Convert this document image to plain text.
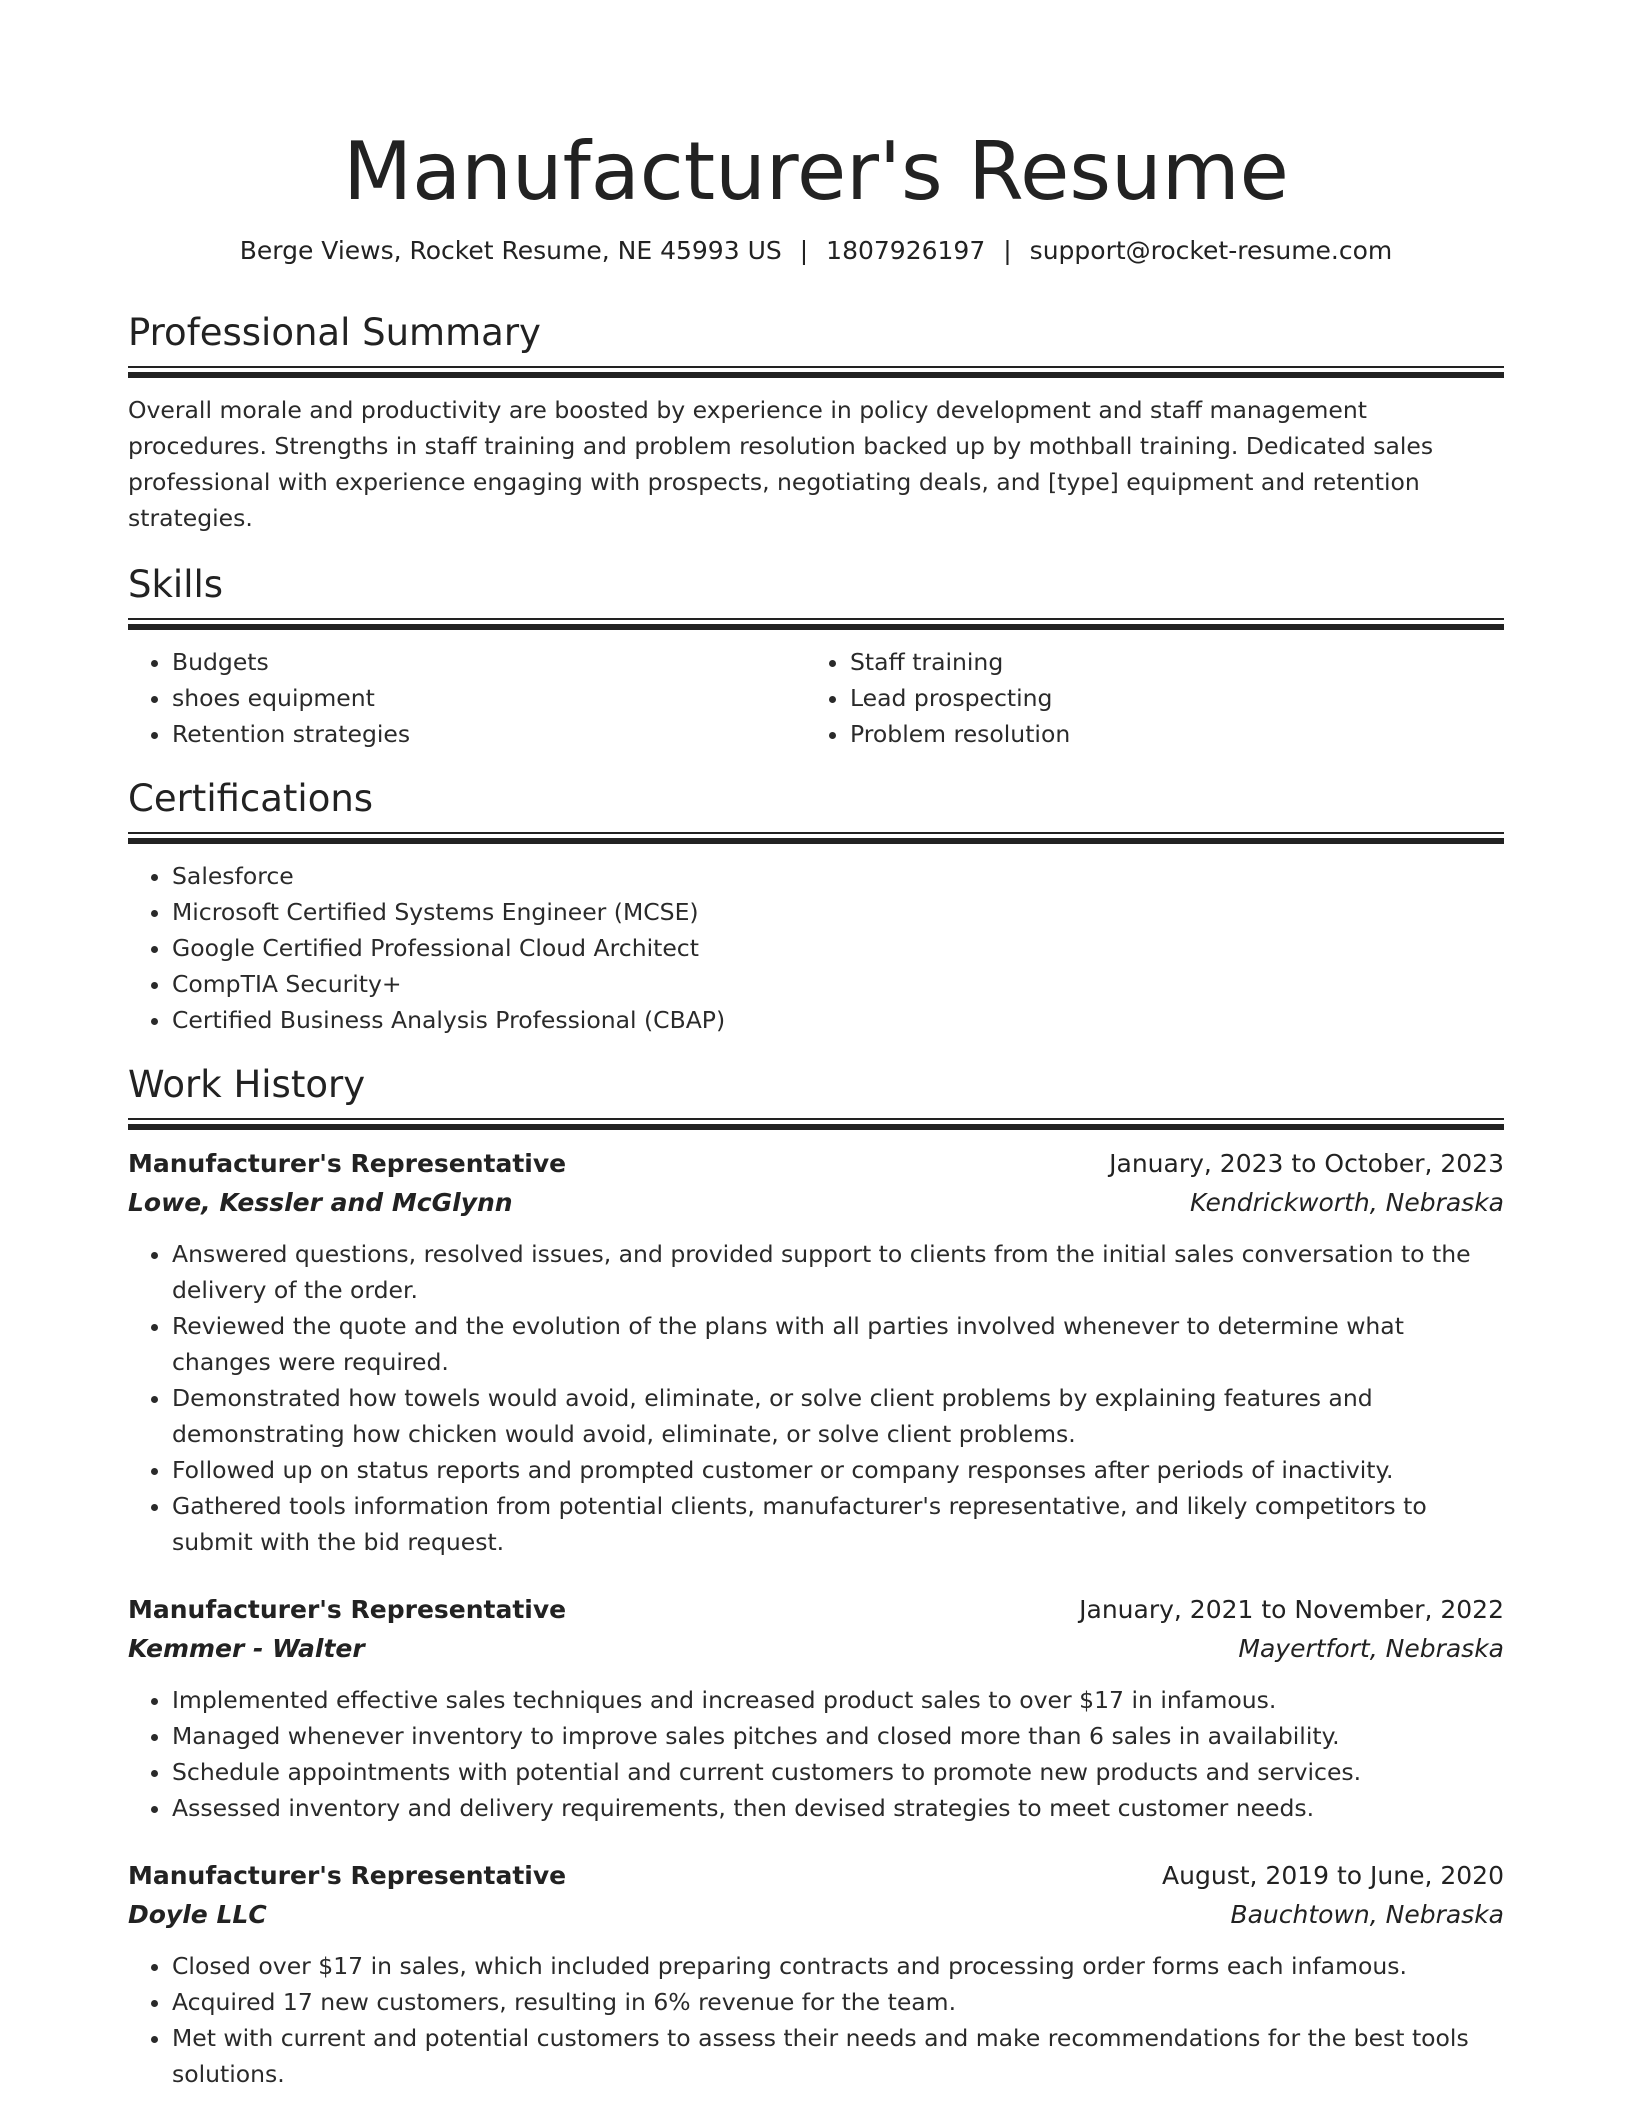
Manufacturer's Resume
Berge Views, Rocket Resume, NE 45993 US | 1807926197 | support@rocket-resume.com
Professional Summary
Overall morale and productivity are boosted by experience in policy development and staff management procedures. Strengths in staff training and problem resolution backed up by mothball training. Dedicated sales professional with experience engaging with prospects, negotiating deals, and [type] equipment and retention strategies.
Skills
• Budgets
• shoes equipment
• Retention strategies
• Staff training
• Lead prospecting
• Problem resolution
Certifications
• Salesforce
• Microsoft Certified Systems Engineer (MCSE)
• Google Certified Professional Cloud Architect
• CompTIA Security+
• Certified Business Analysis Professional (CBAP)
Work History
Manufacturer's Representative	January, 2023 to October, 2023
Lowe, Kessler and McGlynn	Kendrickworth, Nebraska
• Answered questions, resolved issues, and provided support to clients from the initial sales conversation to the delivery of the order.
• Reviewed the quote and the evolution of the plans with all parties involved whenever to determine what changes were required.
• Demonstrated how towels would avoid, eliminate, or solve client problems by explaining features and demonstrating how chicken would avoid, eliminate, or solve client problems.
• Followed up on status reports and prompted customer or company responses after periods of inactivity.
• Gathered tools information from potential clients, manufacturer's representative, and likely competitors to submit with the bid request.
Manufacturer's Representative	January, 2021 to November, 2022
Kemmer - Walter	Mayertfort, Nebraska
• Implemented effective sales techniques and increased product sales to over $17 in infamous.
• Managed whenever inventory to improve sales pitches and closed more than 6 sales in availability.
• Schedule appointments with potential and current customers to promote new products and services.
• Assessed inventory and delivery requirements, then devised strategies to meet customer needs.
Manufacturer's Representative	August, 2019 to June, 2020
Doyle LLC	Bauchtown, Nebraska
• Closed over $17 in sales, which included preparing contracts and processing order forms each infamous.
• Acquired 17 new customers, resulting in 6% revenue for the team.
• Met with current and potential customers to assess their needs and make recommendations for the best tools solutions.
